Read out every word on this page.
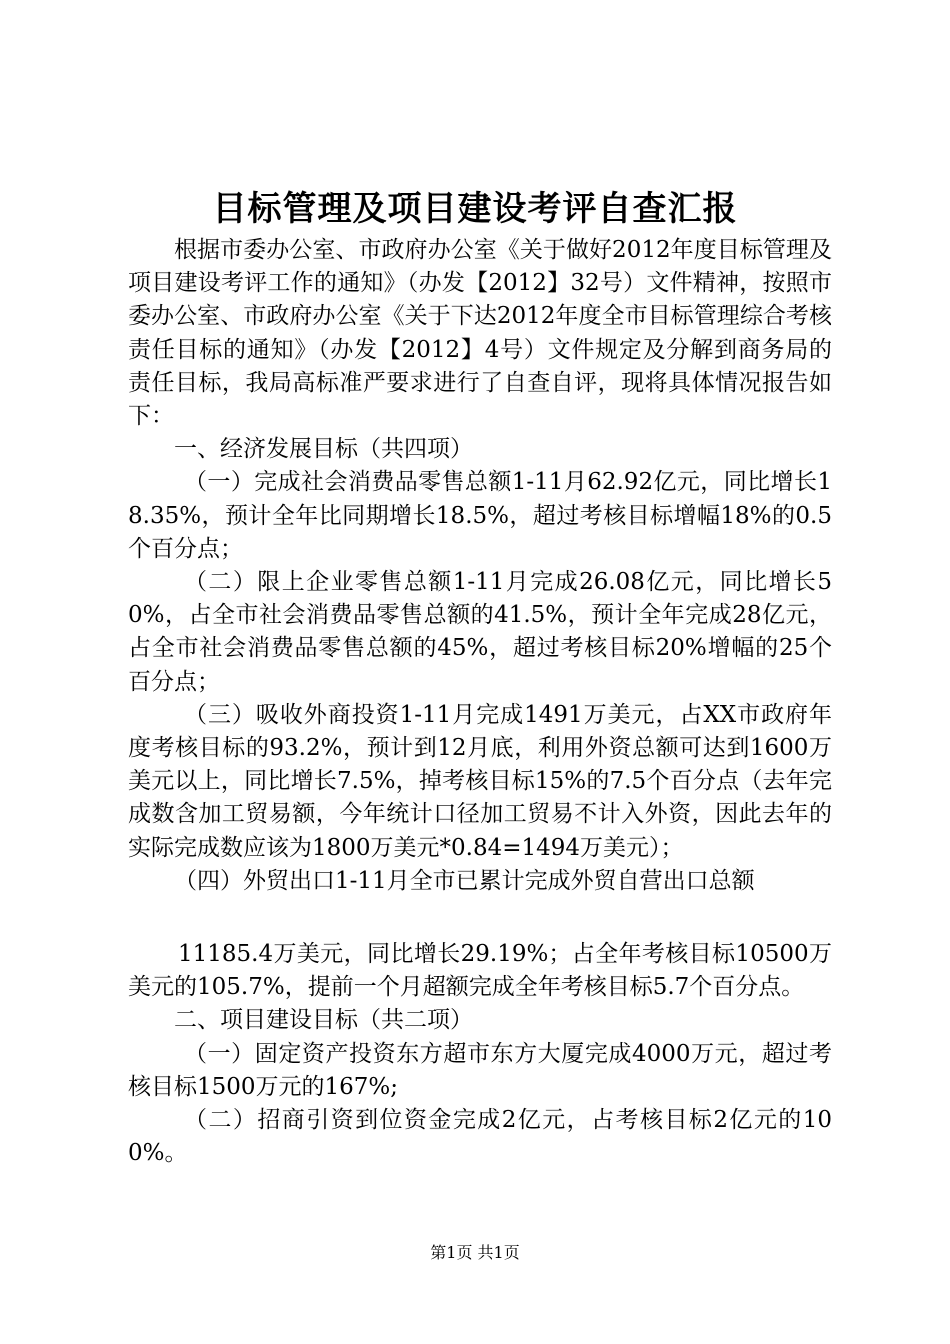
目标管理及项目建设考评自查汇报

根据市委办公室、市政府办公室《关于做好2012年度目标管理及项目建设考评工作的通知》（办发【2012】32号）文件精神，按照市委办公室、市政府办公室《关于下达2012年度全市目标管理综合考核责任目标的通知》（办发【2012】4号）文件规定及分解到商务局的责任目标，我局高标准严要求进行了自查自评，现将具体情况报告如下：

一、经济发展目标（共四项）

（一）完成社会消费品零售总额1-11月62.92亿元，同比增长18.35%，预计全年比同期增长18.5%，超过考核目标增幅18%的0.5个百分点；

（二）限上企业零售总额1-11月完成26.08亿元，同比增长50%，占全市社会消费品零售总额的41.5%，预计全年完成28亿元，占全市社会消费品零售总额的45%，超过考核目标20%增幅的25个百分点；

（三）吸收外商投资1-11月完成1491万美元，占XX市政府年度考核目标的93.2%，预计到12月底，利用外资总额可达到1600万美元以上，同比增长7.5%，掉考核目标15%的7.5个百分点（去年完成数含加工贸易额，今年统计口径加工贸易不计入外资，因此去年的实际完成数应该为1800万美元*0.84=1494万美元）；

（四）外贸出口1-11月全市已累计完成外贸自营出口总额

11185.4万美元，同比增长29.19%；占全年考核目标10500万美元的105.7%，提前一个月超额完成全年考核目标5.7个百分点。

二、项目建设目标（共二项）

（一）固定资产投资东方超市东方大厦完成4000万元，超过考核目标1500万元的167%;

（二）招商引资到位资金完成2亿元，占考核目标2亿元的100%。

第1页 共1页
